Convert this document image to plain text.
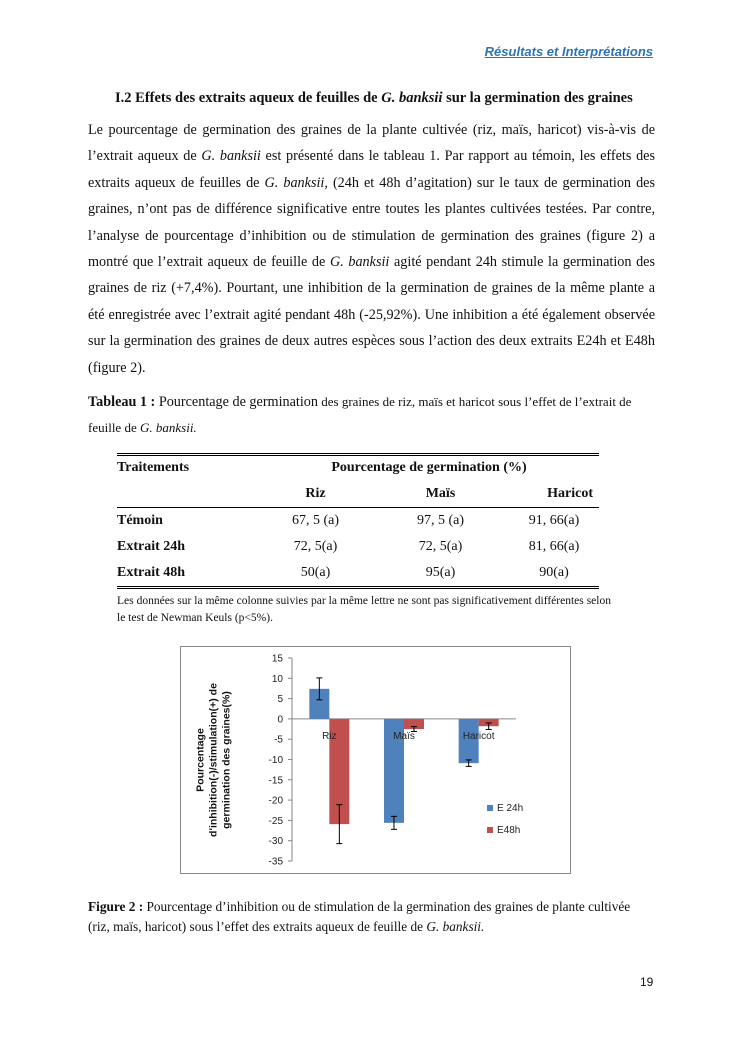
Résultats et Interprétations
I.2 Effets des extraits aqueux de feuilles de G. banksii sur la germination des graines
Le pourcentage de germination des graines de la plante cultivée (riz, maïs, haricot) vis-à-vis de l’extrait aqueux de G. banksii est présenté dans le tableau 1. Par rapport au témoin, les effets des extraits aqueux de feuilles de G. banksii, (24h et 48h d’agitation) sur le taux de germination des graines, n’ont pas de différence significative entre toutes les plantes cultivées testées. Par contre, l’analyse de pourcentage d’inhibition ou de stimulation de germination des graines (figure 2) a montré que l’extrait aqueux de feuille de G. banksii agité pendant 24h stimule la germination des graines de riz (+7,4%). Pourtant, une inhibition de la germination de graines de la même plante a été enregistrée avec l’extrait agité pendant 48h (-25,92%). Une inhibition a été également observée sur la germination des graines de deux autres espèces sous l’action des deux extraits E24h et E48h (figure 2).
Tableau 1 : Pourcentage de germination des graines de riz, maïs et haricot sous l’effet de l’extrait de feuille de G. banksii.
Traitements	Pourcentage de germination (%)		
	Riz	Maïs	Haricot
Témoin	67, 5 (a)	97, 5 (a)	91, 66(a)
Extrait 24h	72, 5(a)	72, 5(a)	81, 66(a)
Extrait 48h	50(a)	95(a)	90(a)
Les données sur la même colonne suivies par la même lettre ne sont pas significativement différentes selon le test de Newman Keuls (p<5%).
Pourcentage d'inhibition(-)/stimulation(+) de germination des graines(%)
15
10
5
0
-5
-10
-15
-20
-25
-30
-35
Riz	Maïs	Haricot
E 24h
E48h
Figure 2 : Pourcentage d’inhibition ou de stimulation de la germination des graines de plante cultivée (riz, maïs, haricot) sous l’effet des extraits aqueux de feuille de G. banksii.
19
